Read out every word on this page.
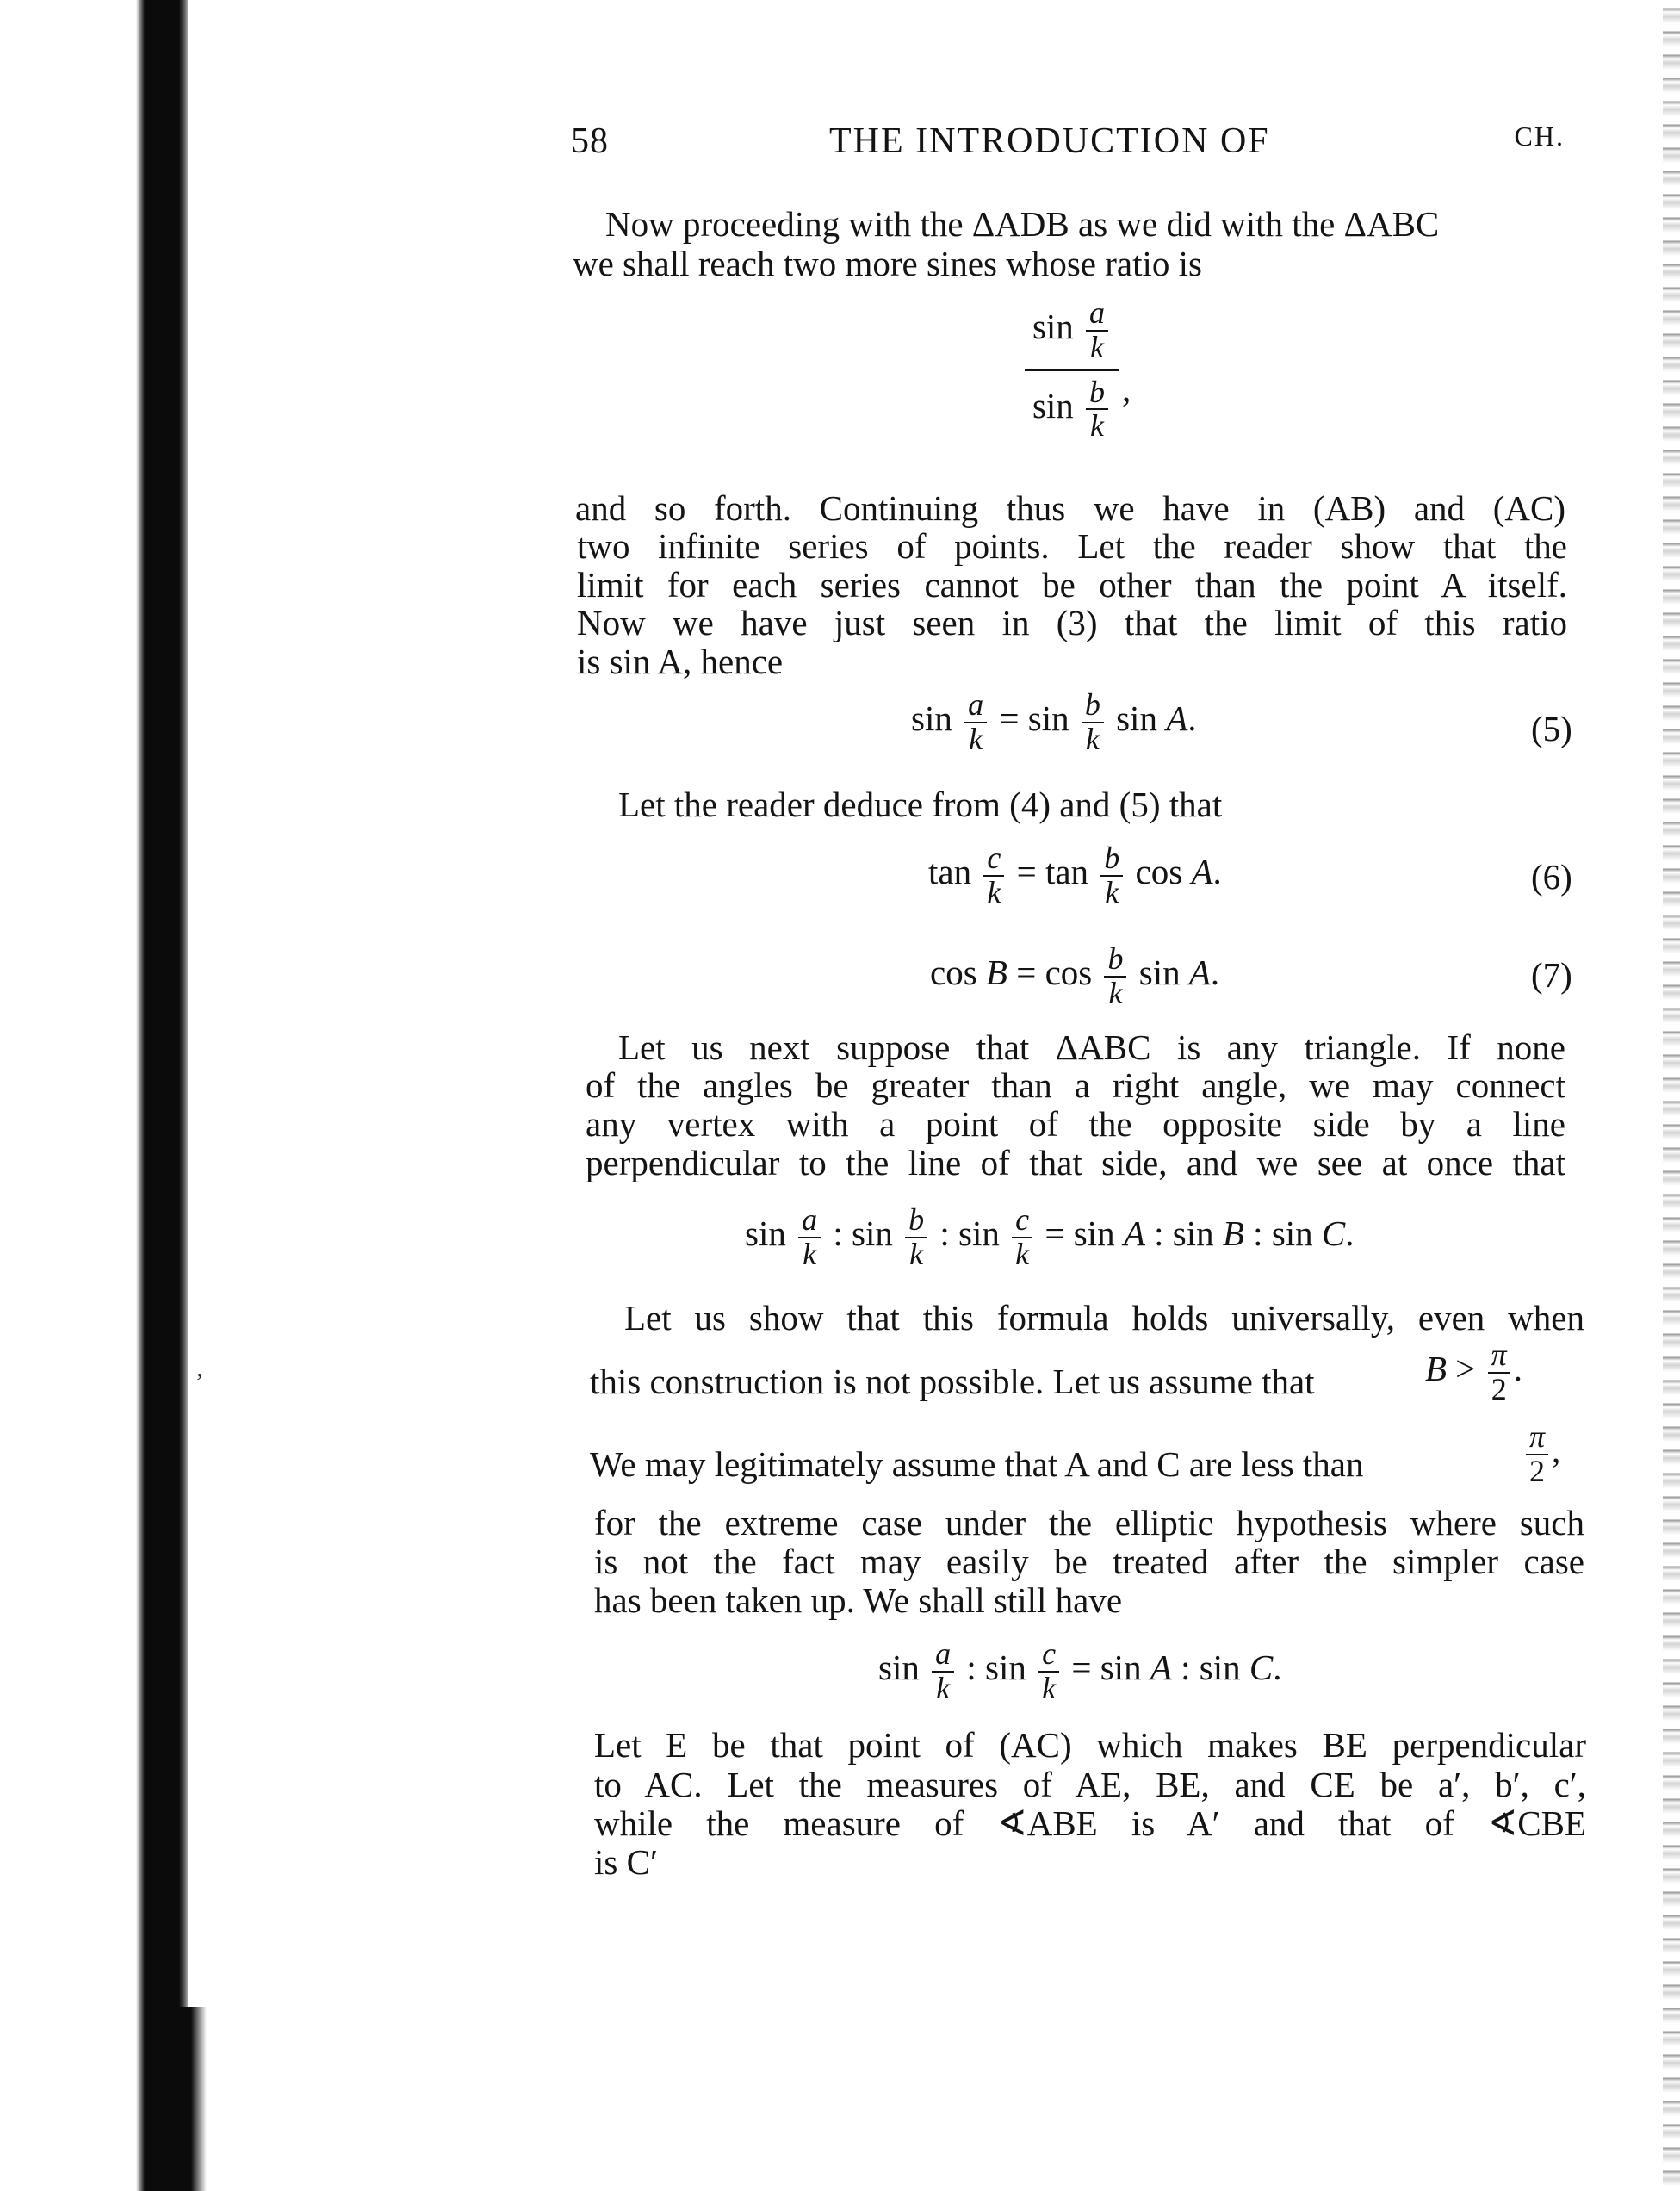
’
58	THE INTRODUCTION OF	CH.
Now proceeding with the ΔADB as we did with the ΔABC
we shall reach two more sines whose ratio is
$\sin \frac{a}{k}$
$\sin \frac{b}{k}$ ,
and so forth. Continuing thus we have in (AB) and (AC)
two infinite series of points. Let the reader show that the
limit for each series cannot be other than the point A itself.
Now we have just seen in (3) that the limit of this ratio
is sin A, hence
$\sin \frac{a}{k} = \sin \frac{b}{k}$ sin A.	(5)
Let the reader deduce from (4) and (5) that
$\tan \frac{c}{k} = \tan \frac{b}{k}$ cos A.	(6)
$\cos B = \cos \frac{b}{k}$ sin A.	(7)
Let us next suppose that ΔABC is any triangle. If none
of the angles be greater than a right angle, we may connect
any vertex with a point of the opposite side by a line
perpendicular to the line of that side, and we see at once that
$\sin \frac{a}{k}$ : $\sin \frac{b}{k}$ : $\sin \frac{c}{k} = \sin A$ : sin B : sin C.
Let us show that this formula holds universally, even when
this construction is not possible. Let us assume that	$B > \frac{\pi}{2}$ .
We may legitimately assume that A and C are less than	$\frac{\pi}{2}$ ,
for the extreme case under the elliptic hypothesis where such
is not the fact may easily be treated after the simpler case
has been taken up. We shall still have
$\sin \frac{a}{k}$ : $\sin \frac{c}{k} = \sin A$ : sin C.
Let E be that point of (AC) which makes BE perpendicular
to AC. Let the measures of AE, BE, and CE be a′, b′, c′,
while the measure of ∢ABE is A′ and that of ∢CBE
is C′
